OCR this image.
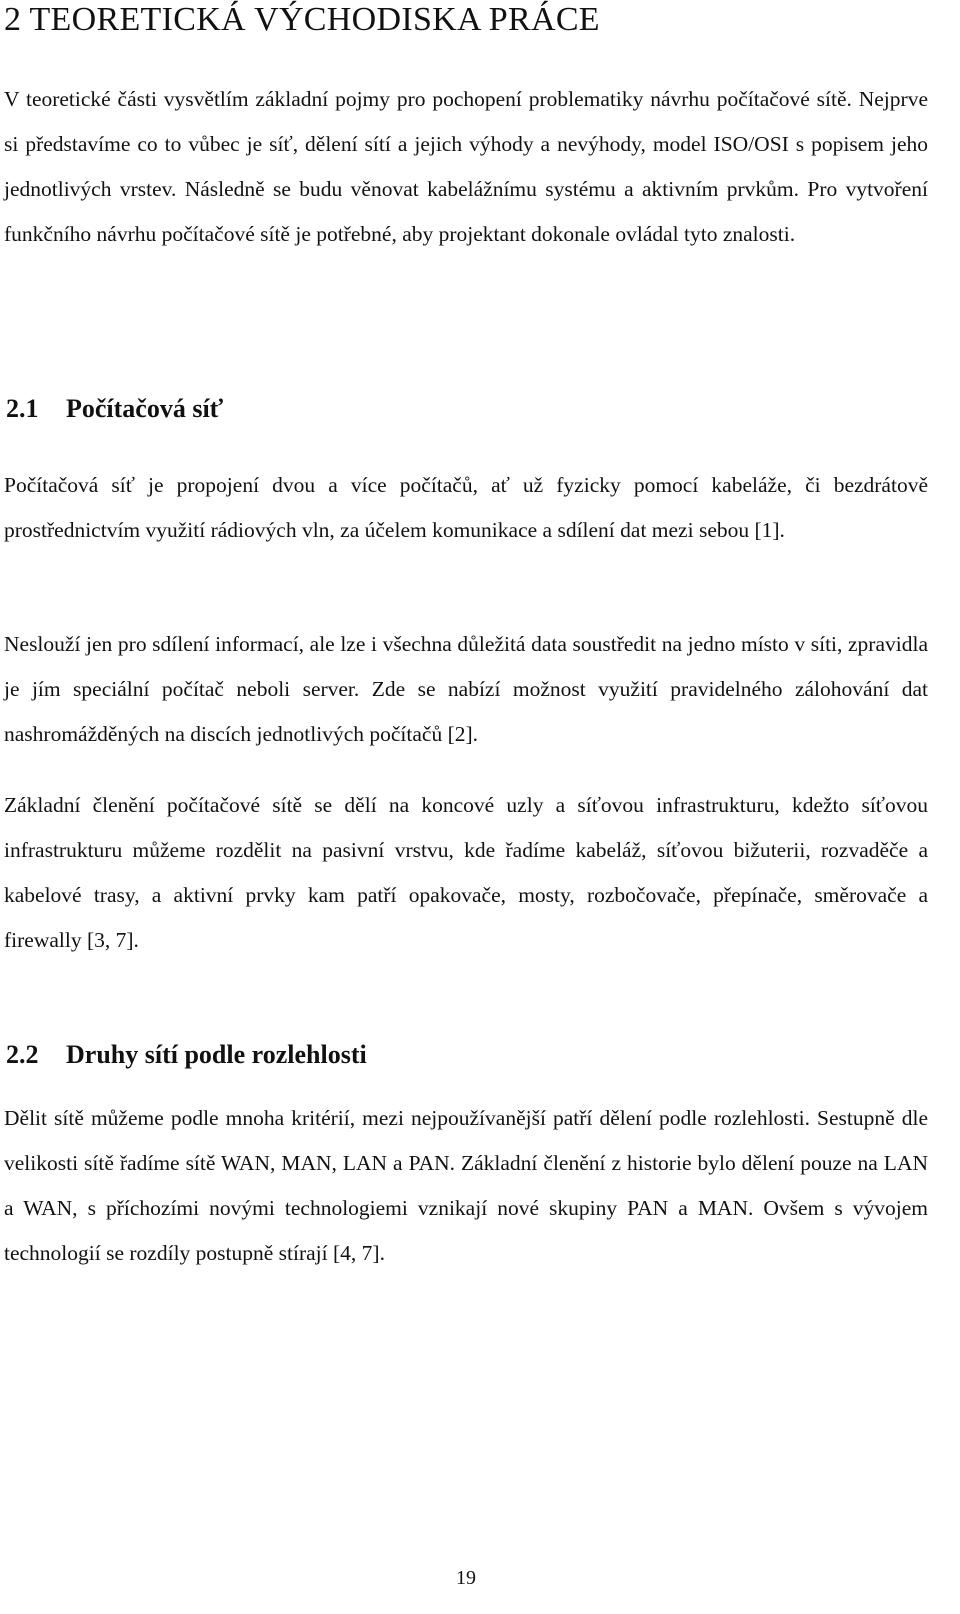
2 TEORETICKÁ VÝCHODISKA PRÁCE

V teoretické části vysvětlím základní pojmy pro pochopení problematiky návrhu počítačové sítě. Nejprve si představíme co to vůbec je síť, dělení sítí a jejich výhody a nevýhody, model ISO/OSI s popisem jeho jednotlivých vrstev. Následně se budu věnovat kabelážnímu systému a aktivním prvkům. Pro vytvoření funkčního návrhu počítačové sítě je potřebné, aby projektant dokonale ovládal tyto znalosti.

2.1 Počítačová síť

Počítačová síť je propojení dvou a více počítačů, ať už fyzicky pomocí kabeláže, či bezdrátově prostřednictvím využití rádiových vln, za účelem komunikace a sdílení dat mezi sebou [1].

Neslouží jen pro sdílení informací, ale lze i všechna důležitá data soustředit na jedno místo v síti, zpravidla je jím speciální počítač neboli server. Zde se nabízí možnost využití pravidelného zálohování dat nashromážděných na discích jednotlivých počítačů [2].

Základní členění počítačové sítě se dělí na koncové uzly a síťovou infrastrukturu, kdežto síťovou infrastrukturu můžeme rozdělit na pasivní vrstvu, kde řadíme kabeláž, síťovou bižuterii, rozvaděče a kabelové trasy, a aktivní prvky kam patří opakovače, mosty, rozbočovače, přepínače, směrovače a firewally [3, 7].

2.2 Druhy sítí podle rozlehlosti

Dělit sítě můžeme podle mnoha kritérií, mezi nejpoužívanější patří dělení podle rozlehlosti. Sestupně dle velikosti sítě řadíme sítě WAN, MAN, LAN a PAN. Základní členění z historie bylo dělení pouze na LAN a WAN, s příchozími novými technologiemi vznikají nové skupiny PAN a MAN. Ovšem s vývojem technologií se rozdíly postupně stírají [4, 7].

19
